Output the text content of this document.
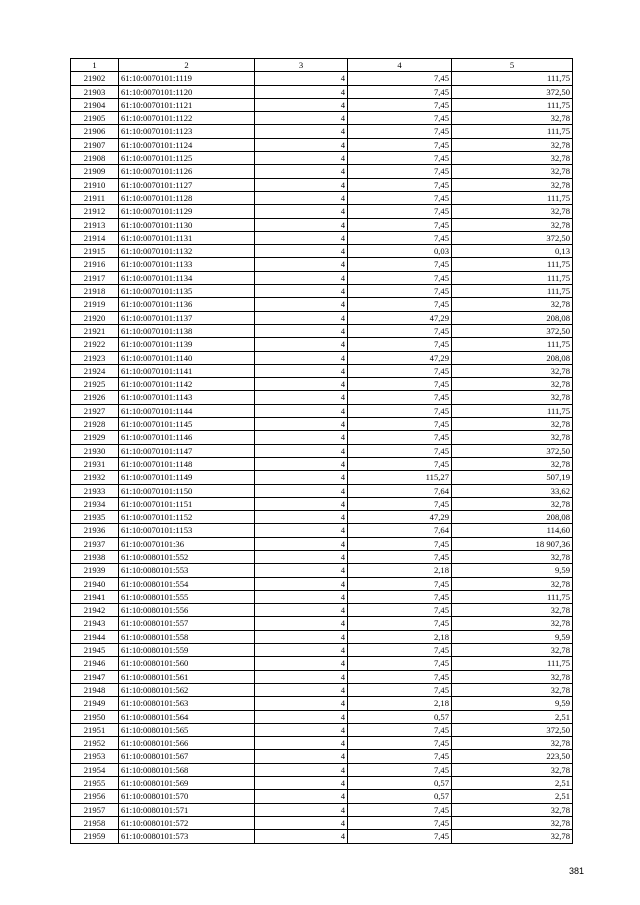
1	2	3	4	5
21902	61:10:0070101:1119	4	7,45	111,75
21903	61:10:0070101:1120	4	7,45	372,50
21904	61:10:0070101:1121	4	7,45	111,75
21905	61:10:0070101:1122	4	7,45	32,78
21906	61:10:0070101:1123	4	7,45	111,75
21907	61:10:0070101:1124	4	7,45	32,78
21908	61:10:0070101:1125	4	7,45	32,78
21909	61:10:0070101:1126	4	7,45	32,78
21910	61:10:0070101:1127	4	7,45	32,78
21911	61:10:0070101:1128	4	7,45	111,75
21912	61:10:0070101:1129	4	7,45	32,78
21913	61:10:0070101:1130	4	7,45	32,78
21914	61:10:0070101:1131	4	7,45	372,50
21915	61:10:0070101:1132	4	0,03	0,13
21916	61:10:0070101:1133	4	7,45	111,75
21917	61:10:0070101:1134	4	7,45	111,75
21918	61:10:0070101:1135	4	7,45	111,75
21919	61:10:0070101:1136	4	7,45	32,78
21920	61:10:0070101:1137	4	47,29	208,08
21921	61:10:0070101:1138	4	7,45	372,50
21922	61:10:0070101:1139	4	7,45	111,75
21923	61:10:0070101:1140	4	47,29	208,08
21924	61:10:0070101:1141	4	7,45	32,78
21925	61:10:0070101:1142	4	7,45	32,78
21926	61:10:0070101:1143	4	7,45	32,78
21927	61:10:0070101:1144	4	7,45	111,75
21928	61:10:0070101:1145	4	7,45	32,78
21929	61:10:0070101:1146	4	7,45	32,78
21930	61:10:0070101:1147	4	7,45	372,50
21931	61:10:0070101:1148	4	7,45	32,78
21932	61:10:0070101:1149	4	115,27	507,19
21933	61:10:0070101:1150	4	7,64	33,62
21934	61:10:0070101:1151	4	7,45	32,78
21935	61:10:0070101:1152	4	47,29	208,08
21936	61:10:0070101:1153	4	7,64	114,60
21937	61:10:0070101:36	4	7,45	18 907,36
21938	61:10:0080101:552	4	7,45	32,78
21939	61:10:0080101:553	4	2,18	9,59
21940	61:10:0080101:554	4	7,45	32,78
21941	61:10:0080101:555	4	7,45	111,75
21942	61:10:0080101:556	4	7,45	32,78
21943	61:10:0080101:557	4	7,45	32,78
21944	61:10:0080101:558	4	2,18	9,59
21945	61:10:0080101:559	4	7,45	32,78
21946	61:10:0080101:560	4	7,45	111,75
21947	61:10:0080101:561	4	7,45	32,78
21948	61:10:0080101:562	4	7,45	32,78
21949	61:10:0080101:563	4	2,18	9,59
21950	61:10:0080101:564	4	0,57	2,51
21951	61:10:0080101:565	4	7,45	372,50
21952	61:10:0080101:566	4	7,45	32,78
21953	61:10:0080101:567	4	7,45	223,50
21954	61:10:0080101:568	4	7,45	32,78
21955	61:10:0080101:569	4	0,57	2,51
21956	61:10:0080101:570	4	0,57	2,51
21957	61:10:0080101:571	4	7,45	32,78
21958	61:10:0080101:572	4	7,45	32,78
21959	61:10:0080101:573	4	7,45	32,78
381
